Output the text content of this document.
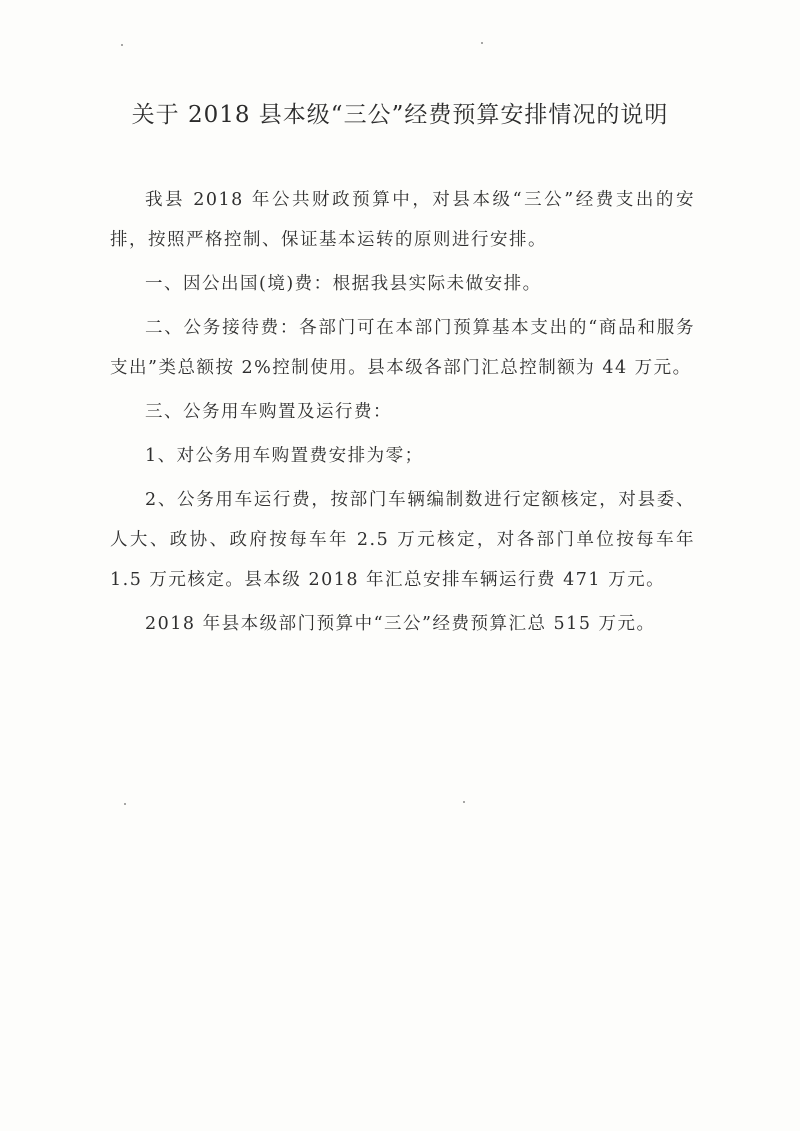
关于 2018 县本级“三公”经费预算安排情况的说明

我县 2018 年公共财政预算中，对县本级“三公”经费支出的安排，按照严格控制、保证基本运转的原则进行安排。

一、因公出国(境)费：根据我县实际未做安排。

二、公务接待费：各部门可在本部门预算基本支出的“商品和服务支出”类总额按 2%控制使用。县本级各部门汇总控制额为 44 万元。

三、公务用车购置及运行费：

1、对公务用车购置费安排为零；

2、公务用车运行费，按部门车辆编制数进行定额核定，对县委、人大、政协、政府按每车年 2.5 万元核定，对各部门单位按每车年 1.5 万元核定。县本级 2018 年汇总安排车辆运行费 471 万元。

2018 年县本级部门预算中“三公”经费预算汇总 515 万元。
